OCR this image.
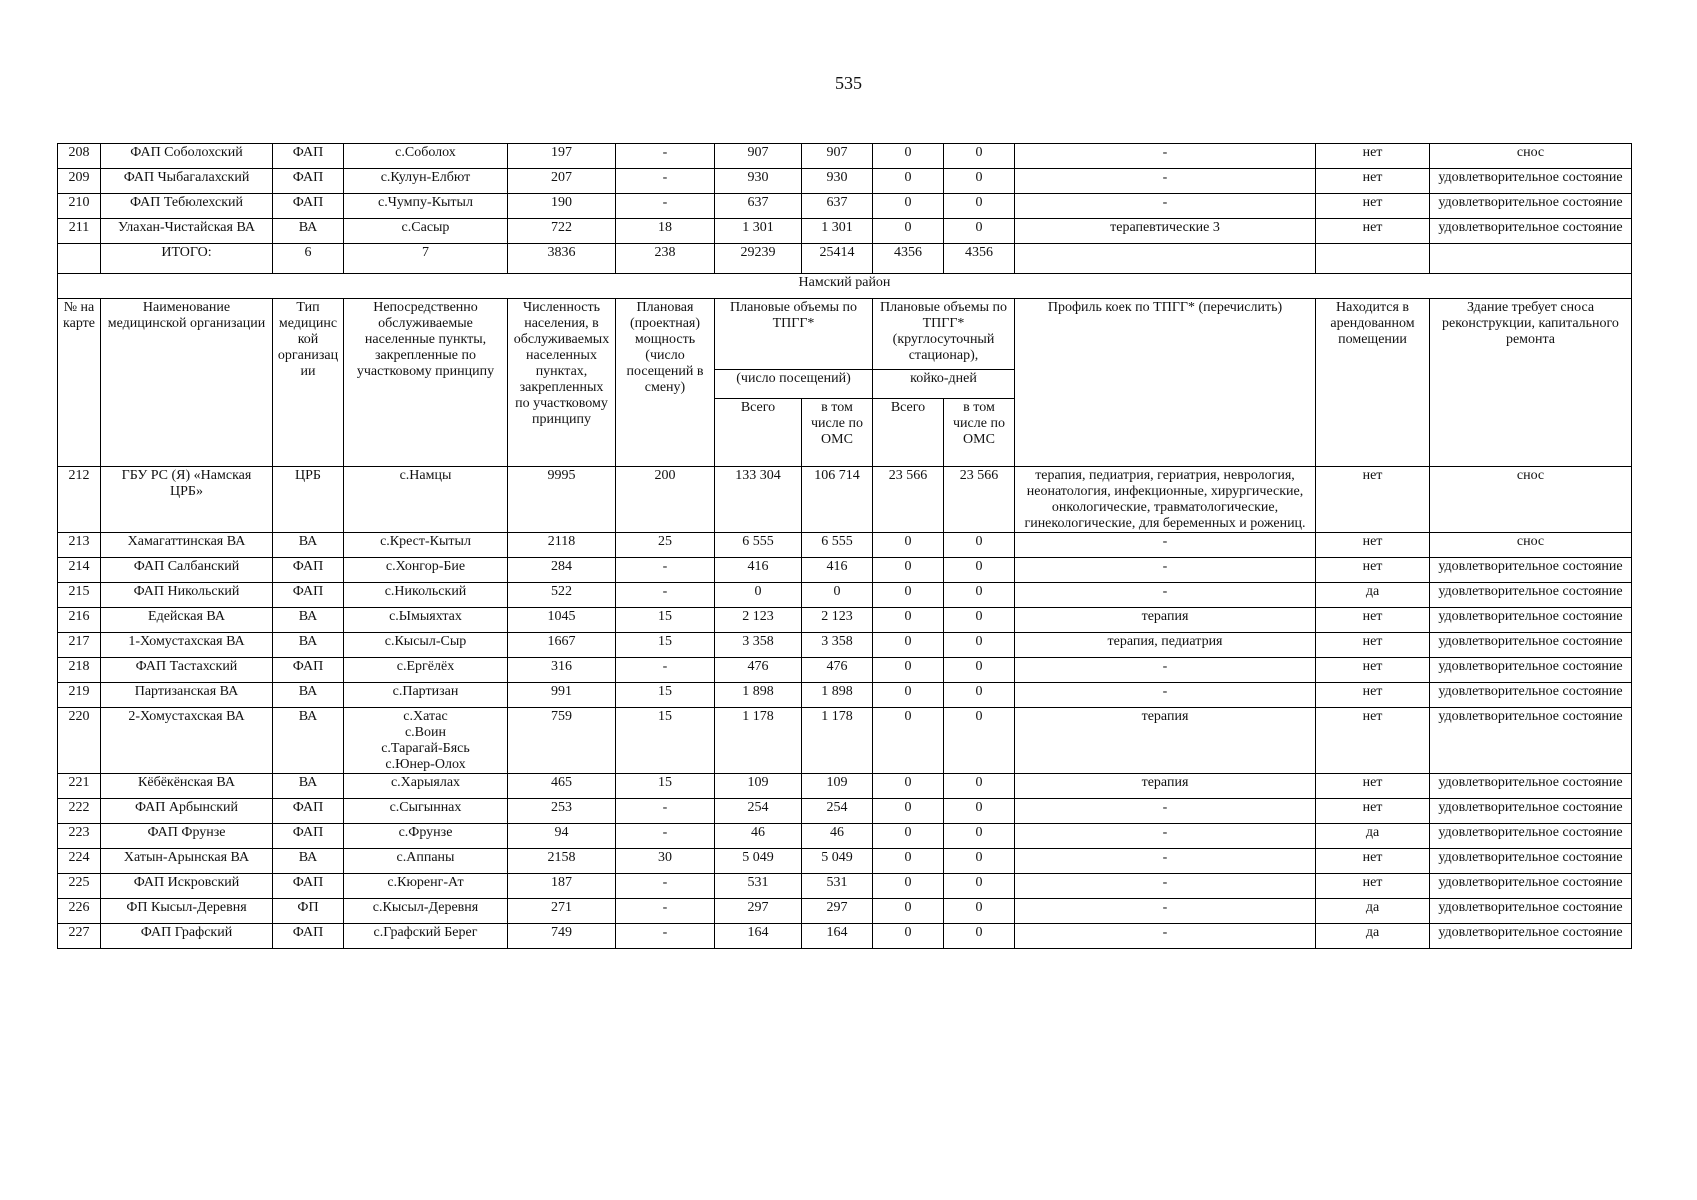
535
208	ФАП Соболохский	ФАП	с.Соболох	197	-	907	907	0	0	-	нет	снос
209	ФАП Чыбагалахский	ФАП	с.Кулун-Елбют	207	-	930	930	0	0	-	нет	удовлетворительное состояние
210	ФАП Тебюлехский	ФАП	с.Чумпу-Кытыл	190	-	637	637	0	0	-	нет	удовлетворительное состояние
211	Улахан-Чистайская ВА	ВА	с.Сасыр	722	18	1 301	1 301	0	0	терапевтические 3	нет	удовлетворительное состояние
	ИТОГО:	6	7	3836	238	29239	25414	4356	4356			
Намский район												
№ на карте	Наименование медицинской организации	Тип медицинской организации	Непосредственно обслуживаемые населенные пункты, закрепленные по участковому принципу	Численность населения, в обслуживаемых населенных пунктах, закрепленных по участковому принципу	Плановая (проектная) мощность (число посещений в смену)	Плановые объемы по ТПГГ*		Плановые объемы по ТПГГ* (круглосуточный стационар),		Профиль коек по ТПГГ* (перечислить)	Находится в арендованном помещении	Здание требует сноса реконструкции, капитального ремонта
						(число посещений)		койко-дней				
						Всего	в том числе по ОМС	Всего	в том числе по ОМС			
212	ГБУ РС (Я) «Намская ЦРБ»	ЦРБ	с.Намцы	9995	200	133 304	106 714	23 566	23 566	терапия, педиатрия, гериатрия, неврология, неонатология, инфекционные, хирургические, онкологические, травматологические, гинекологические, для беременных и рожениц.	нет	снос
213	Хамагаттинская ВА	ВА	с.Крест-Кытыл	2118	25	6 555	6 555	0	0	-	нет	снос
214	ФАП Салбанский	ФАП	с.Хонгор-Бие	284	-	416	416	0	0	-	нет	удовлетворительное состояние
215	ФАП Никольский	ФАП	с.Никольский	522	-	0	0	0	0	-	да	удовлетворительное состояние
216	Едейская ВА	ВА	с.Ымыяхтах	1045	15	2 123	2 123	0	0	терапия	нет	удовлетворительное состояние
217	1-Хомустахская ВА	ВА	с.Кысыл-Сыр	1667	15	3 358	3 358	0	0	терапия, педиатрия	нет	удовлетворительное состояние
218	ФАП Тастахский	ФАП	с.Ергёлёх	316	-	476	476	0	0	-	нет	удовлетворительное состояние
219	Партизанская ВА	ВА	с.Партизан	991	15	1 898	1 898	0	0	-	нет	удовлетворительное состояние
220	2-Хомустахская ВА	ВА	с.Хатас
с.Воин
с.Тарагай-Бясь
с.Юнер-Олох	759	15	1 178	1 178	0	0	терапия	нет	удовлетворительное состояние
221	Кёбёкёнская ВА	ВА	с.Харыялах	465	15	109	109	0	0	терапия	нет	удовлетворительное состояние
222	ФАП Арбынский	ФАП	с.Сыгыннах	253	-	254	254	0	0	-	нет	удовлетворительное состояние
223	ФАП Фрунзе	ФАП	с.Фрунзе	94	-	46	46	0	0	-	да	удовлетворительное состояние
224	Хатын-Арынская ВА	ВА	с.Аппаны	2158	30	5 049	5 049	0	0	-	нет	удовлетворительное состояние
225	ФАП Искровский	ФАП	с.Кюренг-Ат	187	-	531	531	0	0	-	нет	удовлетворительное состояние
226	ФП Кысыл-Деревня	ФП	с.Кысыл-Деревня	271	-	297	297	0	0	-	да	удовлетворительное состояние
227	ФАП Графский	ФАП	с.Графский Берег	749	-	164	164	0	0	-	да	удовлетворительное состояние
